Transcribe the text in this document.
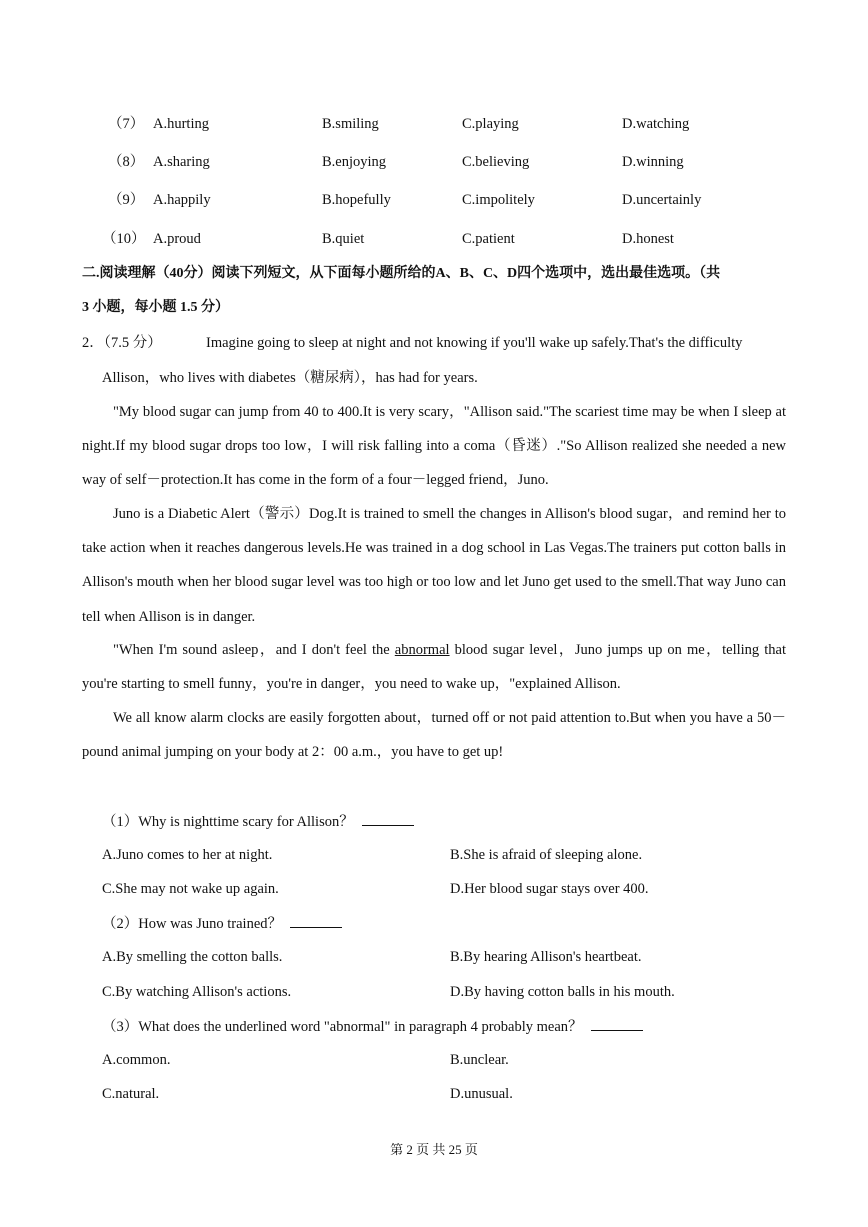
（7） A.hurting	B.smiling	C.playing	D.watching
（8） A.sharing	B.enjoying	C.believing	D.winning
（9） A.happily	B.hopefully	C.impolitely	D.uncertainly
（10） A.proud	B.quiet	C.patient	D.honest
二.阅读理解（40分）阅读下列短文，从下面每小题所给的A、B、C、D四个选项中，选出最佳选项。（共
3 小题，每小题 1.5 分）
2．（7.5 分）	Imagine going to sleep at night and not knowing if you'll wake up safely.That's the difficulty
Allison，who lives with diabetes（糖尿病），has had for years.
"My blood sugar can jump from 40 to 400.It is very scary，"Allison said."The scariest time may be when I sleep at night.If my blood sugar drops too low，I will risk falling into a coma（昏迷）."So Allison realized she needed a new way of self－protection.It has come in the form of a four－legged friend，Juno.
Juno is a Diabetic Alert（警示）Dog.It is trained to smell the changes in Allison's blood sugar，and remind her to take action when it reaches dangerous levels.He was trained in a dog school in Las Vegas.The trainers put cotton balls in Allison's mouth when her blood sugar level was too high or too low and let Juno get used to the smell.That way Juno can tell when Allison is in danger.
"When I'm sound asleep，and I don't feel the abnormal blood sugar level，Juno jumps up on me，telling that you're starting to smell funny，you're in danger，you need to wake up，"explained Allison.
We all know alarm clocks are easily forgotten about，turned off or not paid attention to.But when you have a 50－pound animal jumping on your body at 2：00 a.m.，you have to get up!
（1）Why is nighttime scary for Allison？
A.Juno comes to her at night.	B.She is afraid of sleeping alone.
C.She may not wake up again.	D.Her blood sugar stays over 400.
（2）How was Juno trained？
A.By smelling the cotton balls.	B.By hearing Allison's heartbeat.
C.By watching Allison's actions.	D.By having cotton balls in his mouth.
（3）What does the underlined word "abnormal" in paragraph 4 probably mean？
A.common.	B.unclear.
C.natural.	D.unusual.
第 2 页 共 25 页
